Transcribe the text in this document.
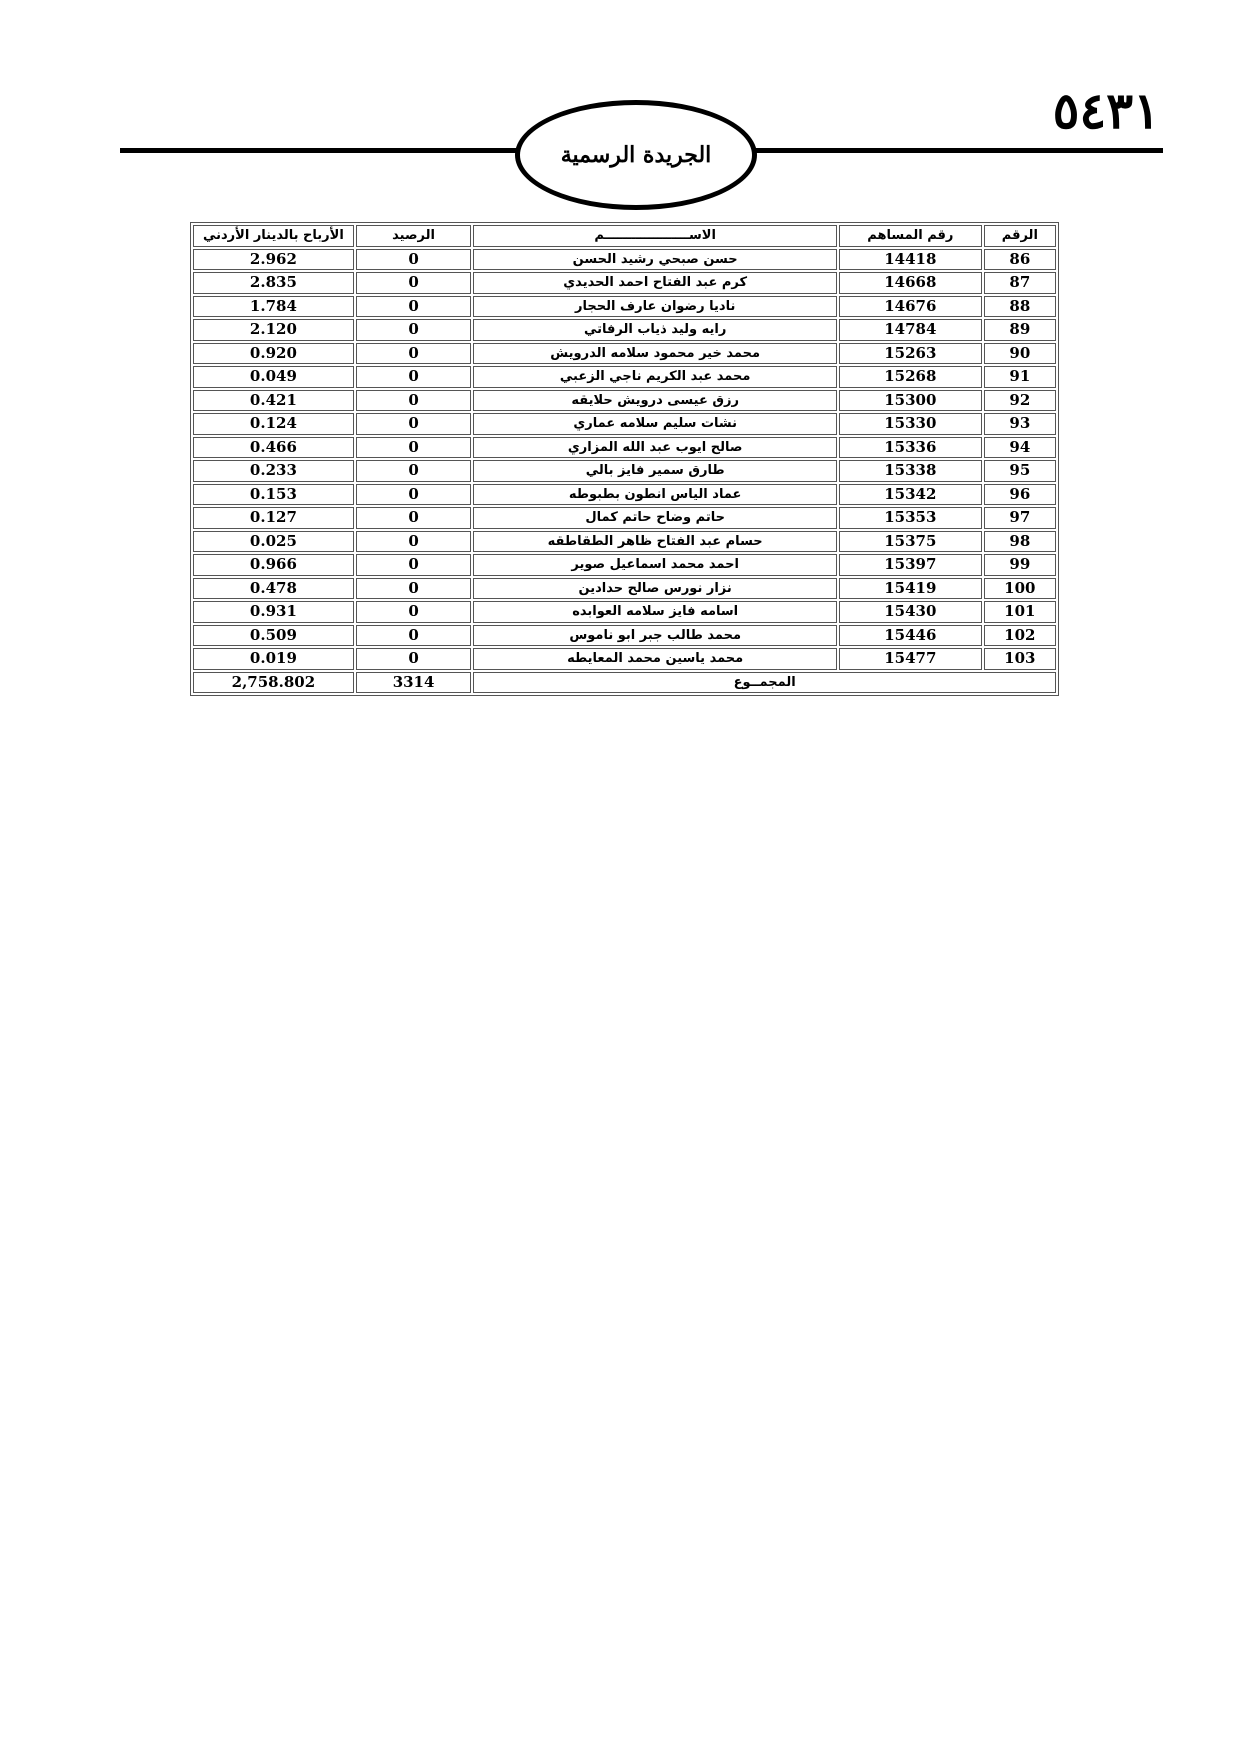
٥٤٣١
الجريدة الرسمية
الرقم	رقم المساهم	الاســـــــــــــــــــم	الرصيد	الأرباح بالدينار الأردني
86	14418	حسن صبحي رشيد الحسن	0	2.962
87	14668	كرم عبد الفتاح احمد الحديدي	0	2.835
88	14676	ناديا رضوان عارف الحجار	0	1.784
89	14784	رايه وليد ذياب الرفاتي	0	2.120
90	15263	محمد خير محمود سلامه الدرويش	0	0.920
91	15268	محمد عبد الكريم ناجي الزعبي	0	0.049
92	15300	رزق عيسى درويش حلايقه	0	0.421
93	15330	نشات سليم سلامه عماري	0	0.124
94	15336	صالح ايوب عبد الله المزاري	0	0.466
95	15338	طارق سمير فايز بالي	0	0.233
96	15342	عماد الياس انطون بطبوطه	0	0.153
97	15353	حاتم وضاح حاتم كمال	0	0.127
98	15375	حسام عبد الفتاح ظاهر الطقاطقه	0	0.025
99	15397	احمد محمد اسماعيل صوير	0	0.966
100	15419	نزار نورس صالح حدادين	0	0.478
101	15430	اسامه فايز سلامه العوابده	0	0.931
102	15446	محمد طالب جبر ابو ناموس	0	0.509
103	15477	محمد ياسين محمد المعايطه	0	0.019
المجمــوع			3314	2,758.802
